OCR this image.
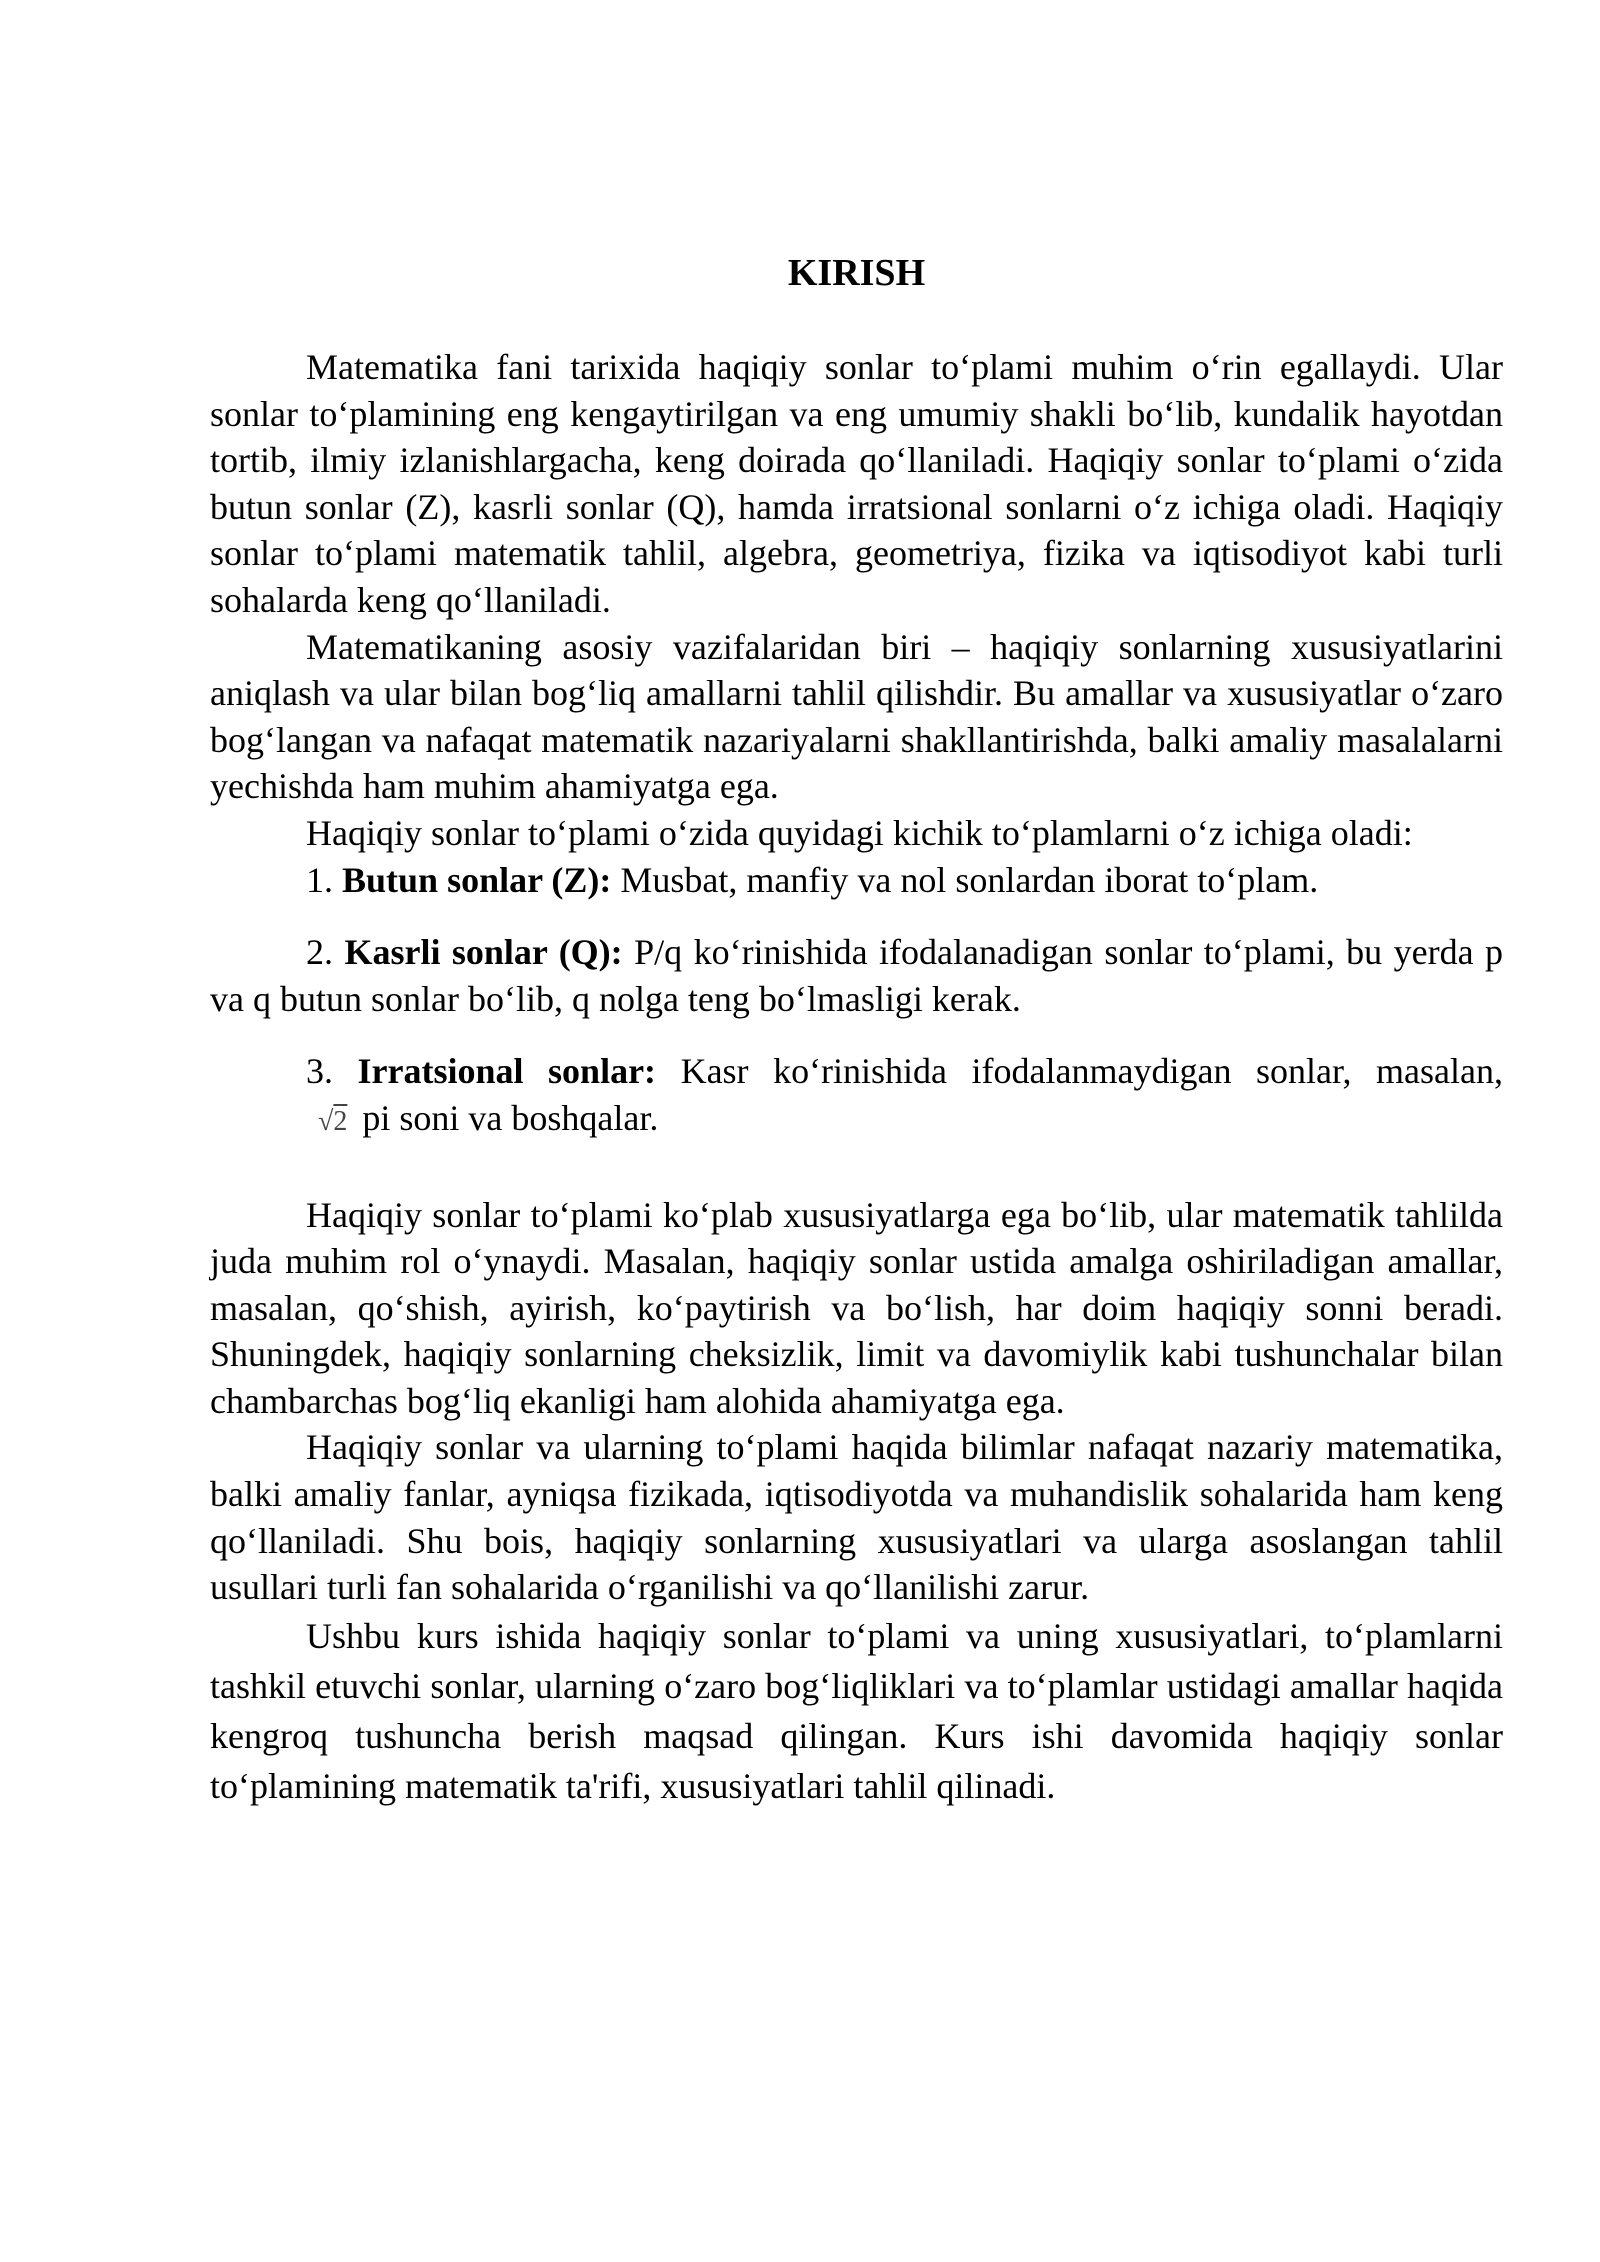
KIRISH

Matematika fani tarixida haqiqiy sonlar to‘plami muhim o‘rin egallaydi. Ular sonlar to‘plamining eng kengaytirilgan va eng umumiy shakli bo‘lib, kundalik hayotdan tortib, ilmiy izlanishlargacha, keng doirada qo‘llaniladi. Haqiqiy sonlar to‘plami o‘zida butun sonlar (Z), kasrli sonlar (Q), hamda irratsional sonlarni o‘z ichiga oladi. Haqiqiy sonlar to‘plami matematik tahlil, algebra, geometriya, fizika va iqtisodiyot kabi turli sohalarda keng qo‘llaniladi.

Matematikaning asosiy vazifalaridan biri – haqiqiy sonlarning xususiyatlarini aniqlash va ular bilan bog‘liq amallarni tahlil qilishdir. Bu amallar va xususiyatlar o‘zaro bog‘langan va nafaqat matematik nazariyalarni shakllantirishda, balki amaliy masalalarni yechishda ham muhim ahamiyatga ega.

Haqiqiy sonlar to‘plami o‘zida quyidagi kichik to‘plamlarni o‘z ichiga oladi:

1. Butun sonlar (Z): Musbat, manfiy va nol sonlardan iborat to‘plam.

2. Kasrli sonlar (Q): P/q ko‘rinishida ifodalanadigan sonlar to‘plami, bu yerda p va q butun sonlar bo‘lib, q nolga teng bo‘lmasligi kerak.

3. Irratsional sonlar: Kasr ko‘rinishida ifodalanmaydigan sonlar, masalan,√2 pi soni va boshqalar.

Haqiqiy sonlar to‘plami ko‘plab xususiyatlarga ega bo‘lib, ular matematik tahlilda juda muhim rol o‘ynaydi. Masalan, haqiqiy sonlar ustida amalga oshiriladigan amallar, masalan, qo‘shish, ayirish, ko‘paytirish va bo‘lish, har doim haqiqiy sonni beradi. Shuningdek, haqiqiy sonlarning cheksizlik, limit va davomiylik kabi tushunchalar bilan chambarchas bog‘liq ekanligi ham alohida ahamiyatga ega.

Haqiqiy sonlar va ularning to‘plami haqida bilimlar nafaqat nazariy matematika, balki amaliy fanlar, ayniqsa fizikada, iqtisodiyotda va muhandislik sohalarida ham keng qo‘llaniladi. Shu bois, haqiqiy sonlarning xususiyatlari va ularga asoslangan tahlil usullari turli fan sohalarida o‘rganilishi va qo‘llanilishi zarur.

Ushbu kurs ishida haqiqiy sonlar to‘plami va uning xususiyatlari, to‘plamlarni tashkil etuvchi sonlar, ularning o‘zaro bog‘liqliklari va to‘plamlar ustidagi amallar haqida kengroq tushuncha berish maqsad qilingan. Kurs ishi davomida haqiqiy sonlar to‘plamining matematik ta'rifi, xususiyatlari tahlil qilinadi.
